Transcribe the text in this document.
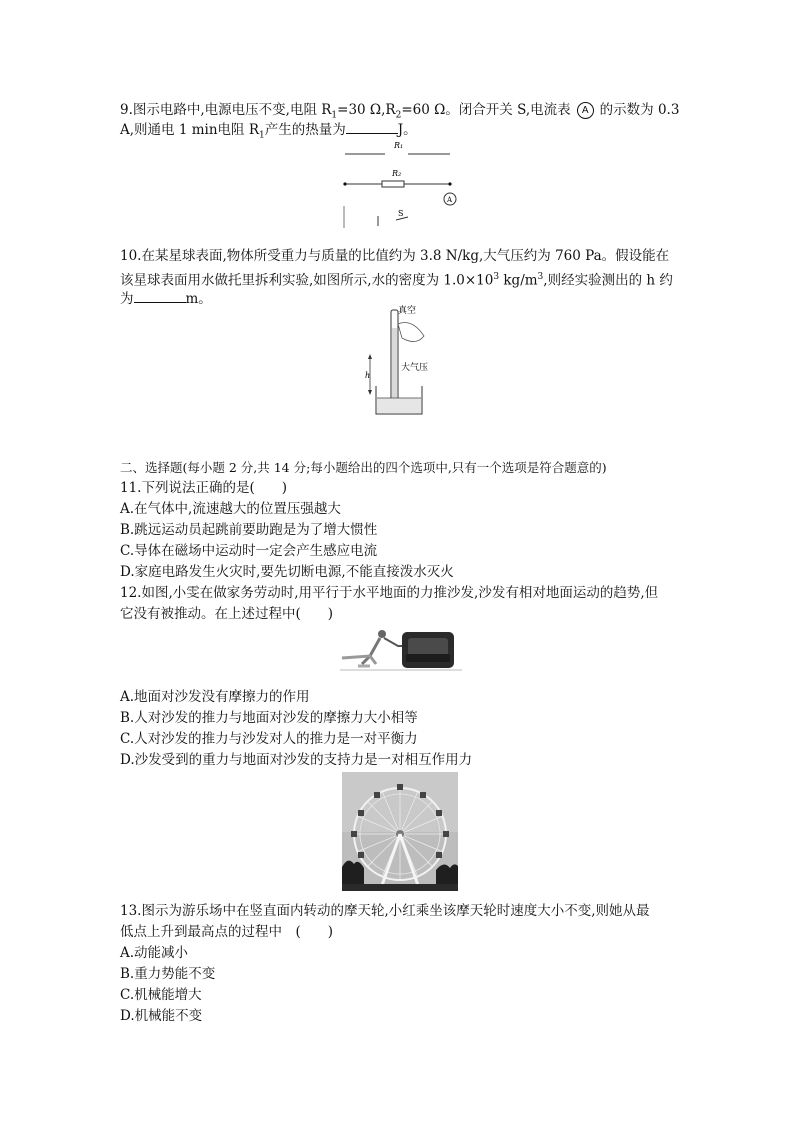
9.图示电路中,电源电压不变,电阻 $R_1=30$ $\Omega,R_2=60$ Ω。闭合开关 S,电流表 A 的示数为 0.3
A,则通电 1 min电阻 $R_1$产生的热量为	J。
R₁
R₂
A
S
10.在某星球表面,物体所受重力与质量的比值约为 3.8 N/kg,大气压约为 760 Pa。假设能在
该星球表面用水做托里拆利实验,如图所示,水的密度为 $1.0\times 10^3$ $kg/m^3$,则经实验测出的 h 约
为	m。
真空
大气压
h
二、选择题(每小题 2 分,共 14 分;每小题给出的四个选项中,只有一个选项是符合题意的)
11.下列说法正确的是(　　)
A.在气体中,流速越大的位置压强越大
B.跳远运动员起跳前要助跑是为了增大惯性
C.导体在磁场中运动时一定会产生感应电流
D.家庭电路发生火灾时,要先切断电源,不能直接泼水灭火
12.如图,小雯在做家务劳动时,用平行于水平地面的力推沙发,沙发有相对地面运动的趋势,但
它没有被推动。在上述过程中(　　)
A.地面对沙发没有摩擦力的作用
B.人对沙发的推力与地面对沙发的摩擦力大小相等
C.人对沙发的推力与沙发对人的推力是一对平衡力
D.沙发受到的重力与地面对沙发的支持力是一对相互作用力
13.图示为游乐场中在竖直面内转动的摩天轮,小红乘坐该摩天轮时速度大小不变,则她从最
低点上升到最高点的过程中　(　　)
A.动能减小
B.重力势能不变
C.机械能增大
D.机械能不变
